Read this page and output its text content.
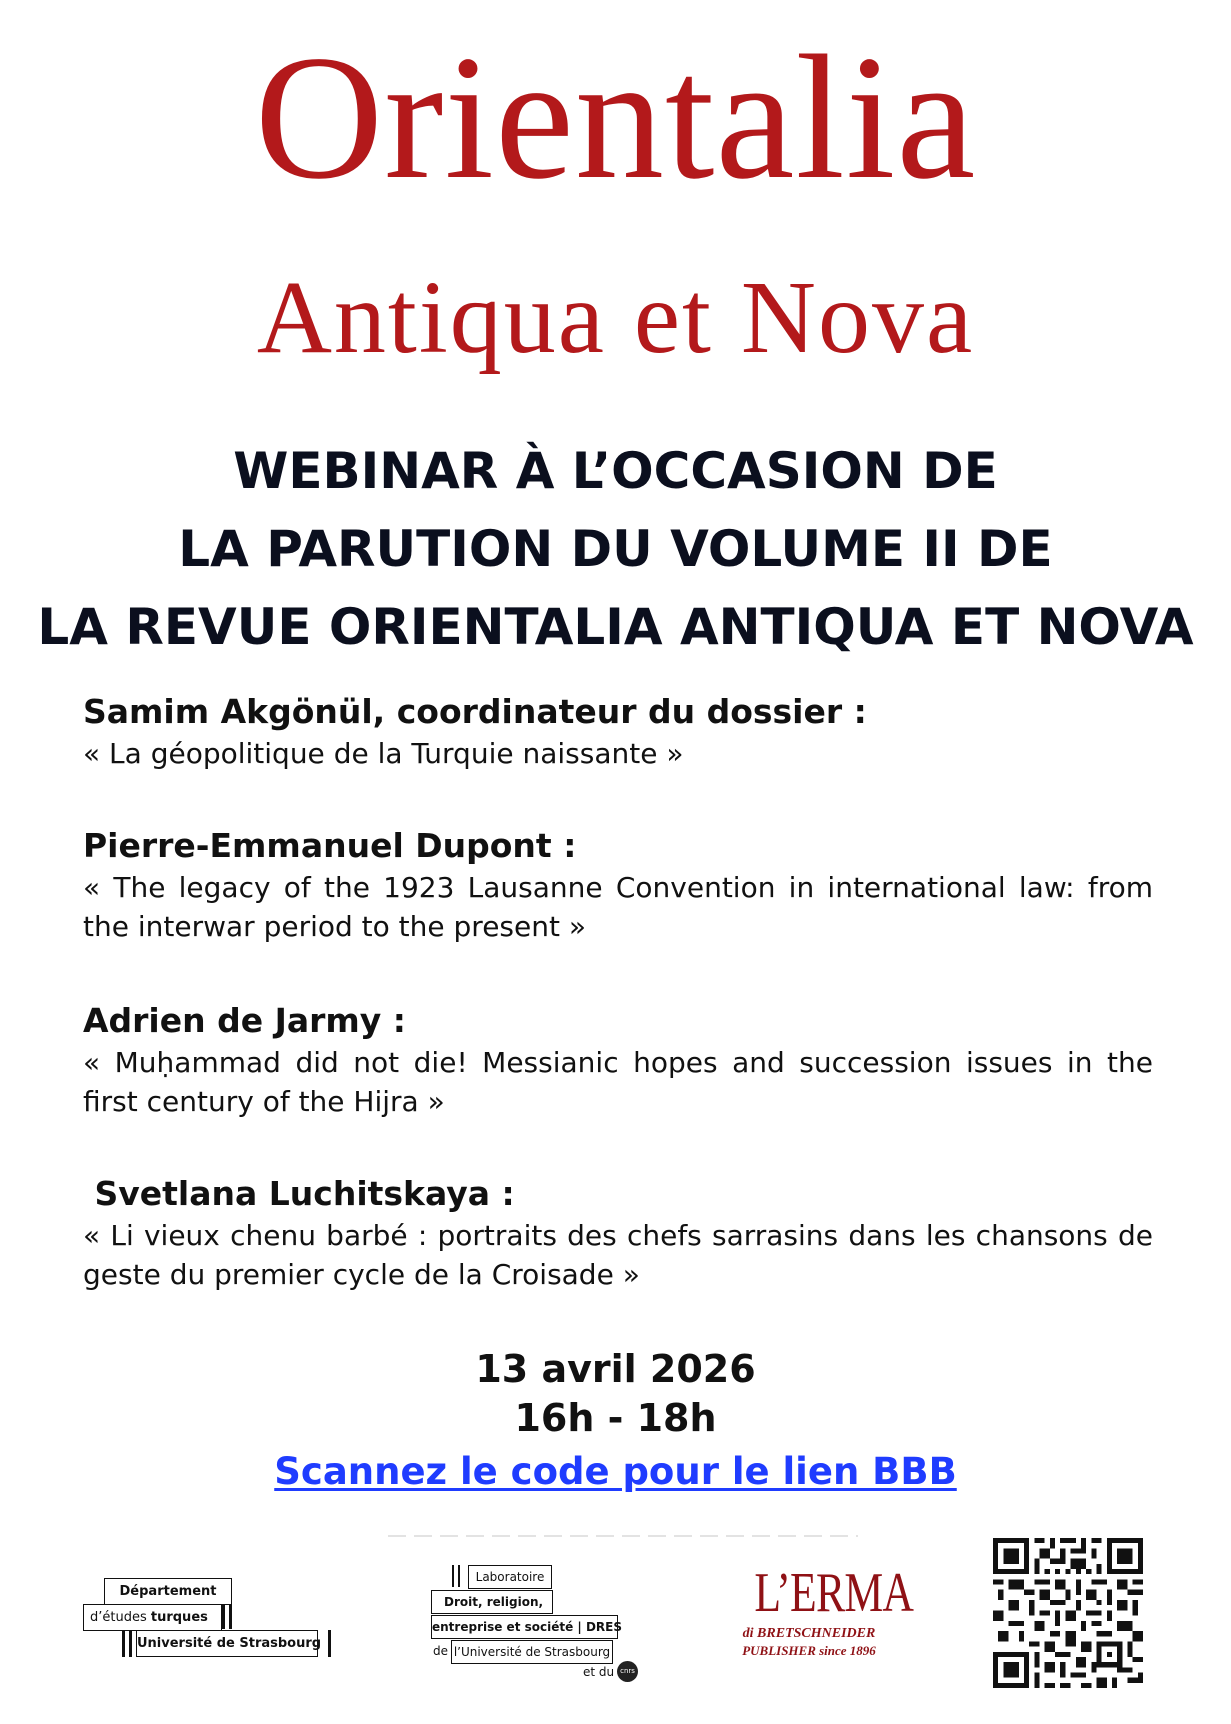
Orientalia
Antiqua et Nova
WEBINAR À L’OCCASION DE
LA PARUTION DU VOLUME II DE
LA REVUE ORIENTALIA ANTIQUA ET NOVA
Samim Akgönül, coordinateur du dossier :
« La géopolitique de la Turquie naissante »
Pierre-Emmanuel Dupont :
« The legacy of the 1923 Lausanne Convention in international law: from the interwar period to the present »
Adrien de Jarmy :
« Muḥammad did not die! Messianic hopes and succession issues in the first century of the Hijra »
Svetlana Luchitskaya :
« Li vieux chenu barbé : portraits des chefs sarrasins dans les chansons de geste du premier cycle de la Croisade »
13 avril 2026
16h - 18h
Scannez le code pour le lien BBB
Département
d’études turques
Université de Strasbourg
Laboratoire
Droit, religion,
entreprise et société | DRES
de l’Université de Strasbourg
et du cnrs
L’ERMA
di BRETSCHNEIDER
PUBLISHER since 1896
